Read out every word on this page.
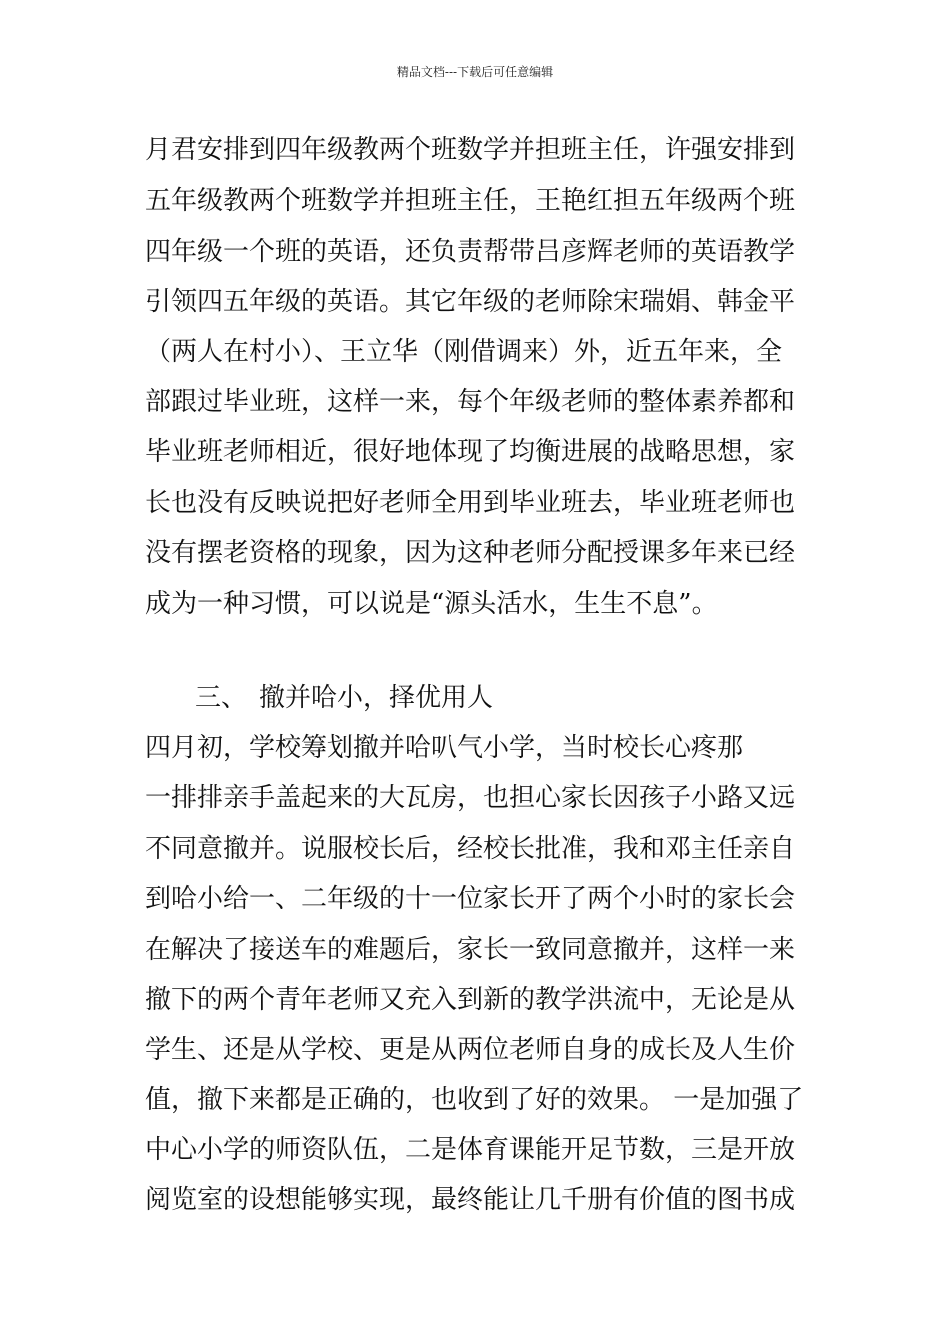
精品文档---下载后可任意编辑
月君安排到四年级教两个班数学并担班主任，许强安排到
五年级教两个班数学并担班主任，王艳红担五年级两个班
四年级一个班的英语，还负责帮带吕彦辉老师的英语教学
引领四五年级的英语。其它年级的老师除宋瑞娟、韩金平
（两人在村小）、王立华（刚借调来）外，近五年来，全
部跟过毕业班，这样一来，每个年级老师的整体素养都和
毕业班老师相近，很好地体现了均衡进展的战略思想，家
长也没有反映说把好老师全用到毕业班去，毕业班老师也
没有摆老资格的现象，因为这种老师分配授课多年来已经
成为一种习惯，可以说是“源头活水，生生不息”。
三、 撤并哈小，择优用人
四月初，学校筹划撤并哈叭气小学，当时校长心疼那
一排排亲手盖起来的大瓦房，也担心家长因孩子小路又远
不同意撤并。说服校长后，经校长批准，我和邓主任亲自
到哈小给一、二年级的十一位家长开了两个小时的家长会
在解决了接送车的难题后，家长一致同意撤并，这样一来
撤下的两个青年老师又充入到新的教学洪流中，无论是从
学生、还是从学校、更是从两位老师自身的成长及人生价
值，撤下来都是正确的，也收到了好的效果。 一是加强了
中心小学的师资队伍，二是体育课能开足节数，三是开放
阅览室的设想能够实现，最终能让几千册有价值的图书成
